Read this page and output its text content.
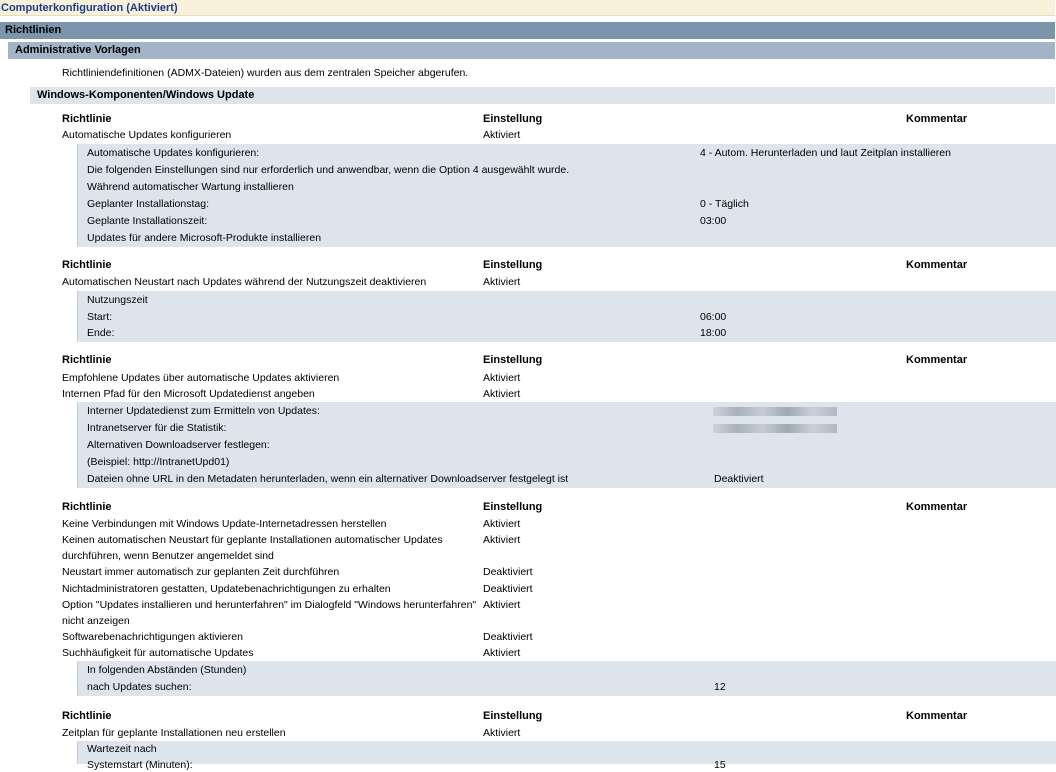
Computerkonfiguration (Aktiviert)
Richtlinien
Administrative Vorlagen
Richtliniendefinitionen (ADMX-Dateien) wurden aus dem zentralen Speicher abgerufen.
Windows-Komponenten/Windows Update
Richtlinie	Einstellung	Kommentar
Automatische Updates konfigurieren	Aktiviert
Automatische Updates konfigurieren:	4 - Autom. Herunterladen und laut Zeitplan installieren
Die folgenden Einstellungen sind nur erforderlich und anwendbar, wenn die Option 4 ausgewählt wurde.
Während automatischer Wartung installieren
Geplanter Installationstag:	0 - Täglich
Geplante Installationszeit:	03:00
Updates für andere Microsoft-Produkte installieren
Richtlinie	Einstellung	Kommentar
Automatischen Neustart nach Updates während der Nutzungszeit deaktivieren	Aktiviert
Nutzungszeit
Start:	06:00
Ende:	18:00
Richtlinie	Einstellung	Kommentar
Empfohlene Updates über automatische Updates aktivieren	Aktiviert
Internen Pfad für den Microsoft Updatedienst angeben	Aktiviert
Interner Updatedienst zum Ermitteln von Updates:
Intranetserver für die Statistik:
Alternativen Downloadserver festlegen:
(Beispiel: http://IntranetUpd01)
Dateien ohne URL in den Metadaten herunterladen, wenn ein alternativer Downloadserver festgelegt ist	Deaktiviert
Richtlinie	Einstellung	Kommentar
Keine Verbindungen mit Windows Update-Internetadressen herstellen	Aktiviert
Keinen automatischen Neustart für geplante Installationen automatischer Updates	Aktiviert
durchführen, wenn Benutzer angemeldet sind
Neustart immer automatisch zur geplanten Zeit durchführen	Deaktiviert
Nichtadministratoren gestatten, Updatebenachrichtigungen zu erhalten	Deaktiviert
Option "Updates installieren und herunterfahren" im Dialogfeld "Windows herunterfahren" Aktiviert
nicht anzeigen
Softwarebenachrichtigungen aktivieren	Deaktiviert
Suchhäufigkeit für automatische Updates	Aktiviert
In folgenden Abständen (Stunden)
nach Updates suchen:	12
Richtlinie	Einstellung	Kommentar
Zeitplan für geplante Installationen neu erstellen	Aktiviert
Wartezeit nach
Systemstart (Minuten):	15
